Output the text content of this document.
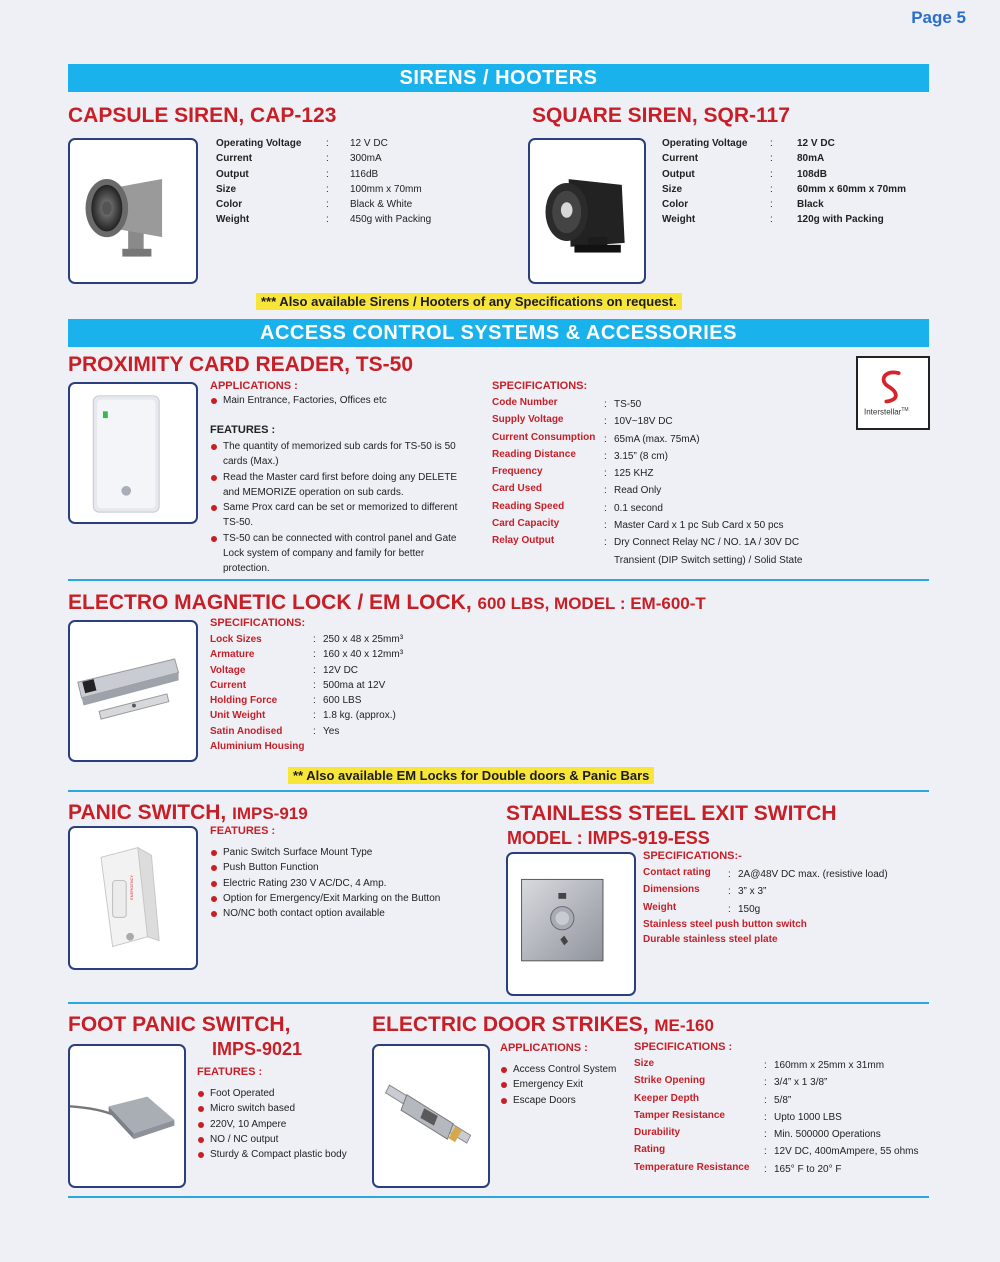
Page 5
SIRENS / HOOTERS
CAPSULE SIREN, CAP-123
Operating Voltage	:	12 V DC
Current	:	300mA
Output	:	116dB
Size	:	100mm x 70mm
Color	:	Black & White
Weight	:	450g with Packing
SQUARE SIREN, SQR-117
Operating Voltage	:	12 V DC
Current	:	80mA
Output	:	108dB
Size	:	60mm x 60mm x 70mm
Color	:	Black
Weight	:	120g with Packing
*** Also available Sirens / Hooters of any Specifications on request.
ACCESS CONTROL SYSTEMS & ACCESSORIES
PROXIMITY CARD READER, TS-50
APPLICATIONS :
Main Entrance, Factories, Offices etc
FEATURES :
The quantity of memorized sub cards for TS-50 is 50 cards (Max.)
Read the Master card first before doing any DELETE and MEMORIZE operation on sub cards.
Same Prox card can be set or memorized to different TS-50.
TS-50 can be connected with control panel and Gate Lock system of company and family for better protection.
SPECIFICATIONS:
Code Number	: TS-50
Supply Voltage	: 10V~18V DC
Current Consumption : 65mA (max. 75mA)
Reading Distance	: 3.15” (8 cm)
Frequency	: 125 KHZ
Card Used	: Read Only
Reading Speed	: 0.1 second
Card Capacity	: Master Card x 1 pc Sub Card x 50 pcs
Relay Output	: Dry Connect Relay NC / NO. 1A / 30V DC
Transient (DIP Switch setting) / Solid State
Interstellar™
ELECTRO MAGNETIC LOCK / EM LOCK, 600 LBS, MODEL : EM-600-T
SPECIFICATIONS:
Lock Sizes	: 250 x 48 x 25mm³
Armature	: 160 x 40 x 12mm³
Voltage	: 12V DC
Current	: 500ma at 12V
Holding Force	: 600 LBS
Unit Weight	: 1.8 kg. (approx.)
Satin Anodised	: Yes
Aluminium Housing
** Also available EM Locks for Double doors & Panic Bars
PANIC SWITCH, IMPS-919
EMERGENCY
FEATURES :
Panic Switch Surface Mount Type
Push Button Function
Electric Rating 230 V AC/DC, 4 Amp.
Option for Emergency/Exit Marking on the Button
NO/NC both contact option available
STAINLESS STEEL EXIT SWITCH
MODEL : IMPS-919-ESS
SPECIFICATIONS:-
Contact rating	: 2A@48V DC max. (resistive load)
Dimensions	: 3” x 3”
Weight	: 150g
Stainless steel push button switch
Durable stainless steel plate
FOOT PANIC SWITCH,
IMPS-9021
FEATURES :
Foot Operated
Micro switch based
220V, 10 Ampere
NO / NC output
Sturdy & Compact plastic body
ELECTRIC DOOR STRIKES, ME-160
APPLICATIONS :
Access Control System
Emergency Exit
Escape Doors
SPECIFICATIONS :
Size	: 160mm x 25mm x 31mm
Strike Opening	: 3/4” x 1 3/8”
Keeper Depth	: 5/8”
Tamper Resistance	: Upto 1000 LBS
Durability	: Min. 500000 Operations
Rating	: 12V DC, 400mAmpere, 55 ohms
Temperature Resistance	: 165° F to 20° F
